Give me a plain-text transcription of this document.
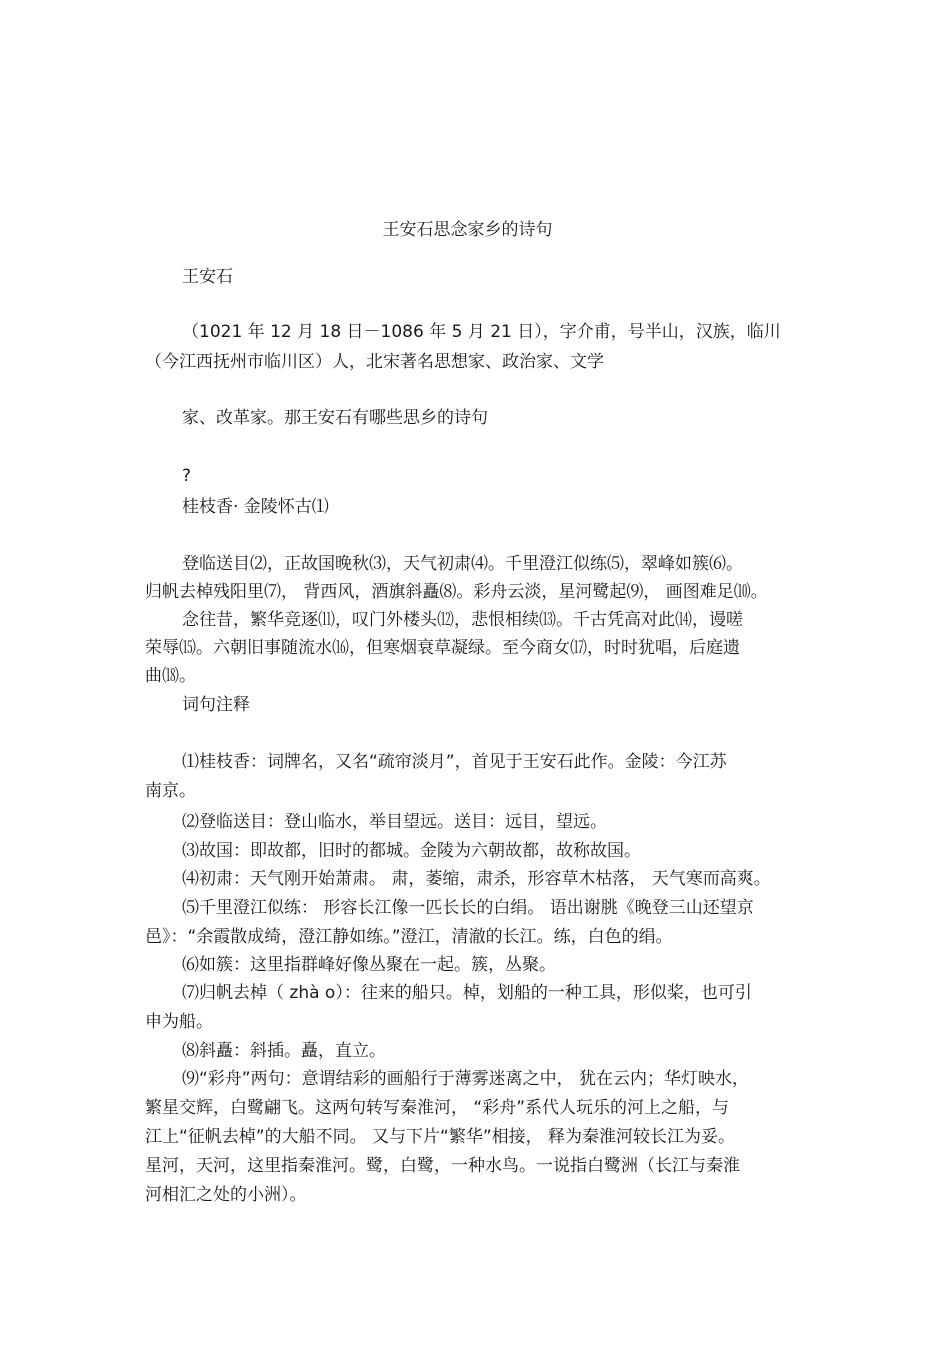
王安石思念家乡的诗句
王安石
（1021 年 12 月 18 日－1086 年 5 月 21 日），字介甫，号半山，汉族，临川
（今江西抚州市临川区）人，北宋著名思想家、政治家、文学
家、改革家。那王安石有哪些思乡的诗句
?
桂枝香· 金陵怀古⑴
登临送目⑵，正故国晚秋⑶，天气初肃⑷。千里澄江似练⑸，翠峰如簇⑹。
归帆去棹残阳里⑺， 背西风，酒旗斜矗⑻。彩舟云淡，星河鹭起⑼， 画图难足⑽。
念往昔，繁华竞逐⑾，叹门外楼头⑿，悲恨相续⒀。千古凭高对此⒁，谩嗟
荣辱⒂。六朝旧事随流水⒃，但寒烟衰草凝绿。至今商女⒄，时时犹唱，后庭遗
曲⒅。
词句注释
⑴桂枝香：词牌名，又名“疏帘淡月”，首见于王安石此作。金陵：今江苏
南京。
⑵登临送目：登山临水，举目望远。送目：远目，望远。
⑶故国：即故都，旧时的都城。金陵为六朝故都，故称故国。
⑷初肃：天气刚开始萧肃。 肃，萎缩，肃杀，形容草木枯落， 天气寒而高爽。
⑸千里澄江似练： 形容长江像一匹长长的白绢。 语出谢朓《晚登三山还望京
邑》：“余霞散成绮，澄江静如练。”澄江，清澈的长江。练，白色的绢。
⑹如簇：这里指群峰好像丛聚在一起。簇，丛聚。
⑺归帆去棹（ zhà o）：往来的船只。棹，划船的一种工具，形似桨，也可引
申为船。
⑻斜矗：斜插。矗，直立。
⑼“彩舟”两句：意谓结彩的画船行于薄雾迷离之中， 犹在云内；华灯映水，
繁星交辉，白鹭翩飞。这两句转写秦淮河， “彩舟”系代人玩乐的河上之船，与
江上“征帆去棹”的大船不同。 又与下片“繁华”相接， 释为秦淮河较长江为妥。
星河，天河，这里指秦淮河。鹭，白鹭，一种水鸟。一说指白鹭洲（长江与秦淮
河相汇之处的小洲）。
